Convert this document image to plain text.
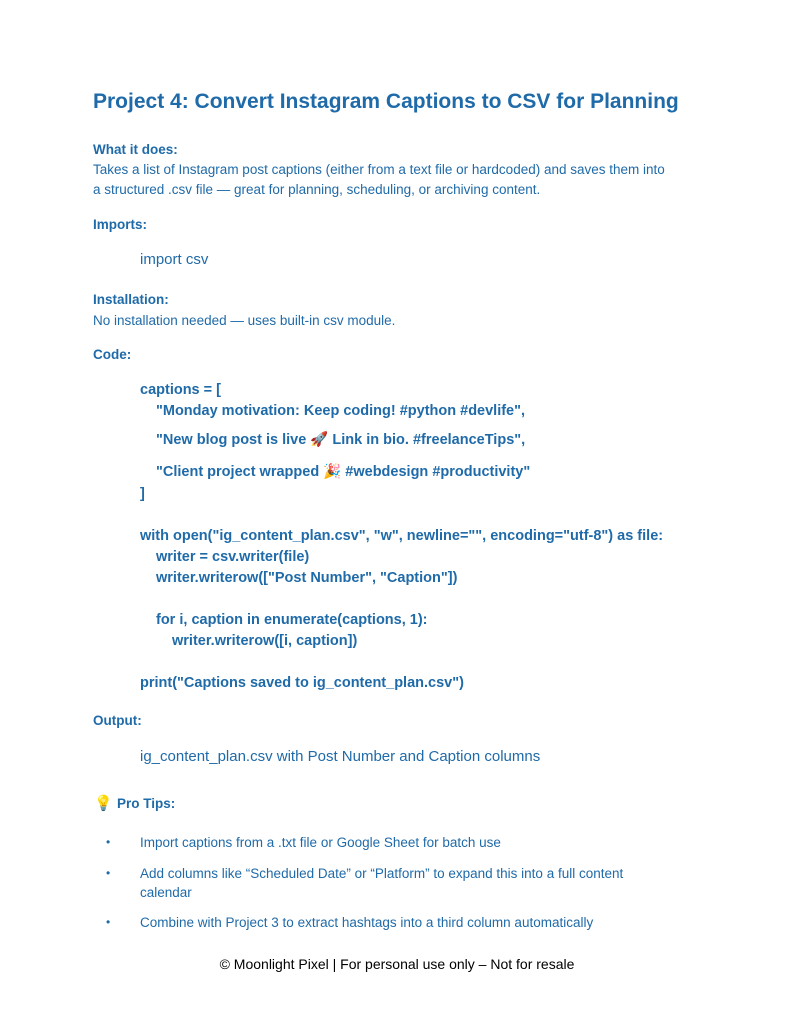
Project 4: Convert Instagram Captions to CSV for Planning
What it does:
Takes a list of Instagram post captions (either from a text file or hardcoded) and saves them into
a structured .csv file — great for planning, scheduling, or archiving content.
Imports:
import csv
Installation:
No installation needed — uses built-in csv module.
Code:
captions = [
"Monday motivation: Keep coding! #python #devlife",
"New blog post is live 🚀 Link in bio. #freelanceTips",
"Client project wrapped 🎉 #webdesign #productivity"
]
with open("ig_content_plan.csv", "w", newline="", encoding="utf-8") as file:
writer = csv.writer(file)
writer.writerow(["Post Number", "Caption"])
for i, caption in enumerate(captions, 1):
writer.writerow([i, caption])
print("Captions saved to ig_content_plan.csv")
Output:
ig_content_plan.csv with Post Number and Caption columns
💡 Pro Tips:
• Import captions from a .txt file or Google Sheet for batch use
• Add columns like “Scheduled Date” or “Platform” to expand this into a full content
calendar
• Combine with Project 3 to extract hashtags into a third column automatically
© Moonlight Pixel | For personal use only – Not for resale
